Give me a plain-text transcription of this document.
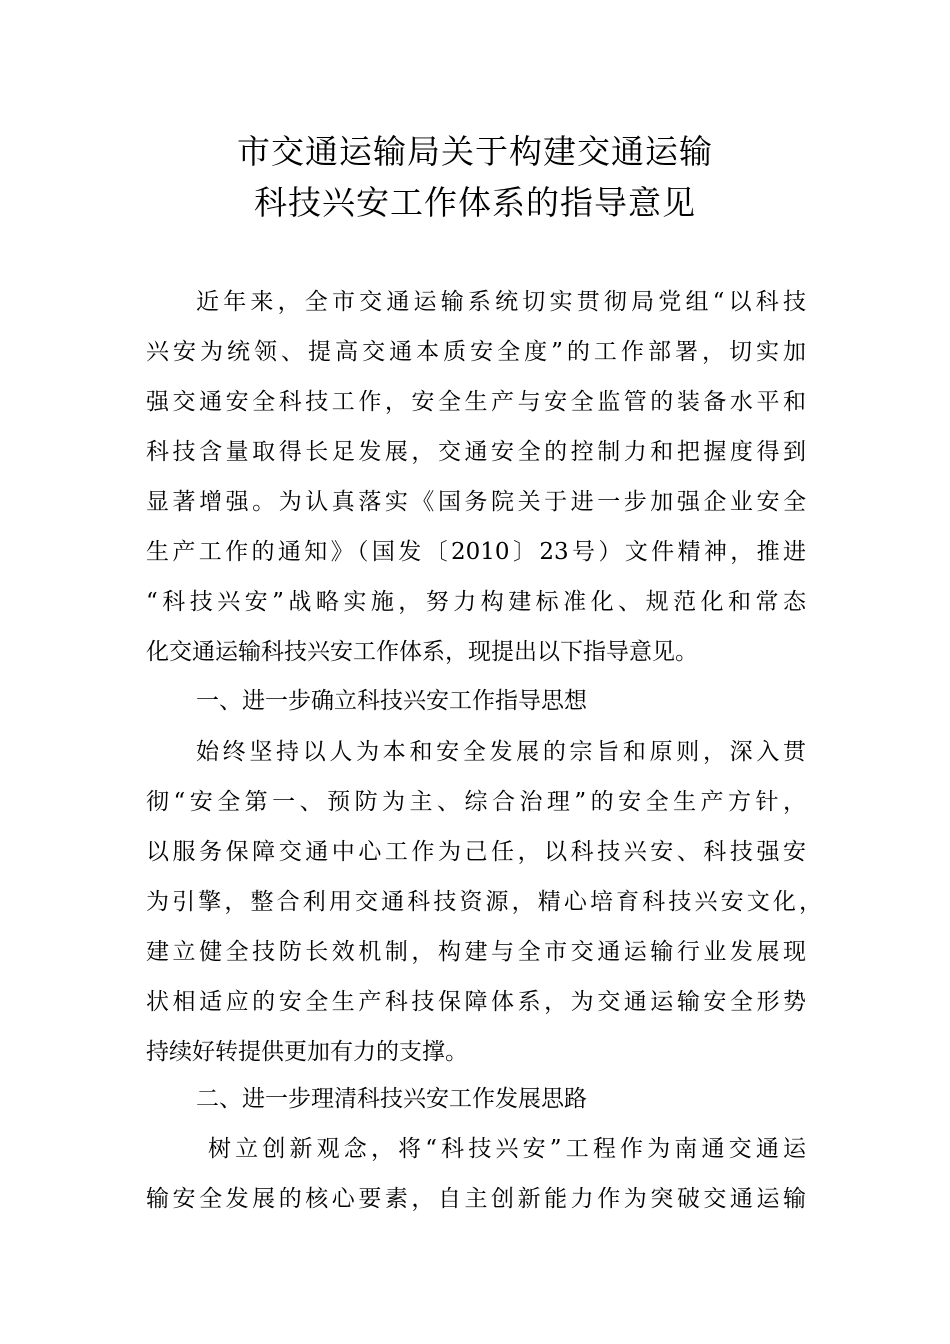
市交通运输局关于构建交通运输
科技兴安工作体系的指导意见
近年来，全市交通运输系统切实贯彻局党组“以科技
兴安为统领、提高交通本质安全度”的工作部署，切实加
强交通安全科技工作，安全生产与安全监管的装备水平和
科技含量取得长足发展，交通安全的控制力和把握度得到
显著增强。为认真落实《国务院关于进一步加强企业安全
生产工作的通知》（国发〔2010〕23号）文件精神，推进
“科技兴安”战略实施，努力构建标准化、规范化和常态
化交通运输科技兴安工作体系，现提出以下指导意见。
一、进一步确立科技兴安工作指导思想
始终坚持以人为本和安全发展的宗旨和原则，深入贯
彻“安全第一、预防为主、综合治理”的安全生产方针，
以服务保障交通中心工作为己任，以科技兴安、科技强安
为引擎，整合利用交通科技资源，精心培育科技兴安文化，
建立健全技防长效机制，构建与全市交通运输行业发展现
状相适应的安全生产科技保障体系，为交通运输安全形势
持续好转提供更加有力的支撑。
二、进一步理清科技兴安工作发展思路
树立创新观念，将“科技兴安”工程作为南通交通运
输安全发展的核心要素，自主创新能力作为突破交通运输
